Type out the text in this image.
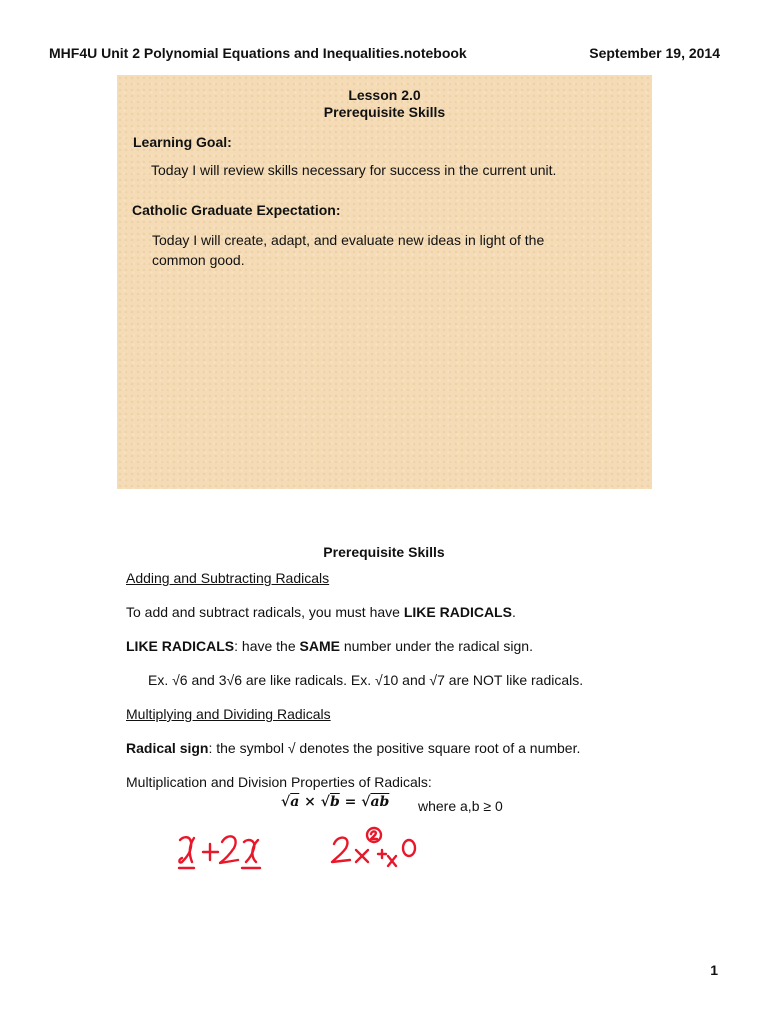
MHF4U Unit 2 Polynomial Equations and Inequalities.notebook	September 19, 2014
Lesson 2.0
Prerequisite Skills
Learning Goal:
Today I will review skills necessary for success in the current unit.
Catholic Graduate Expectation:
Today I will create, adapt, and evaluate new ideas in light of the common good.
Prerequisite Skills
Adding and Subtracting Radicals
To add and subtract radicals, you must have LIKE RADICALS.
LIKE RADICALS: have the SAME number under the radical sign.
Ex. √6 and 3√6 are like radicals. Ex. √10 and √7 are NOT like radicals.
Multiplying and Dividing Radicals
Radical sign: the symbol √ denotes the positive square root of a number.
Multiplication and Division Properties of Radicals:
√a × √b = √ab where a,b ≥ 0
1
